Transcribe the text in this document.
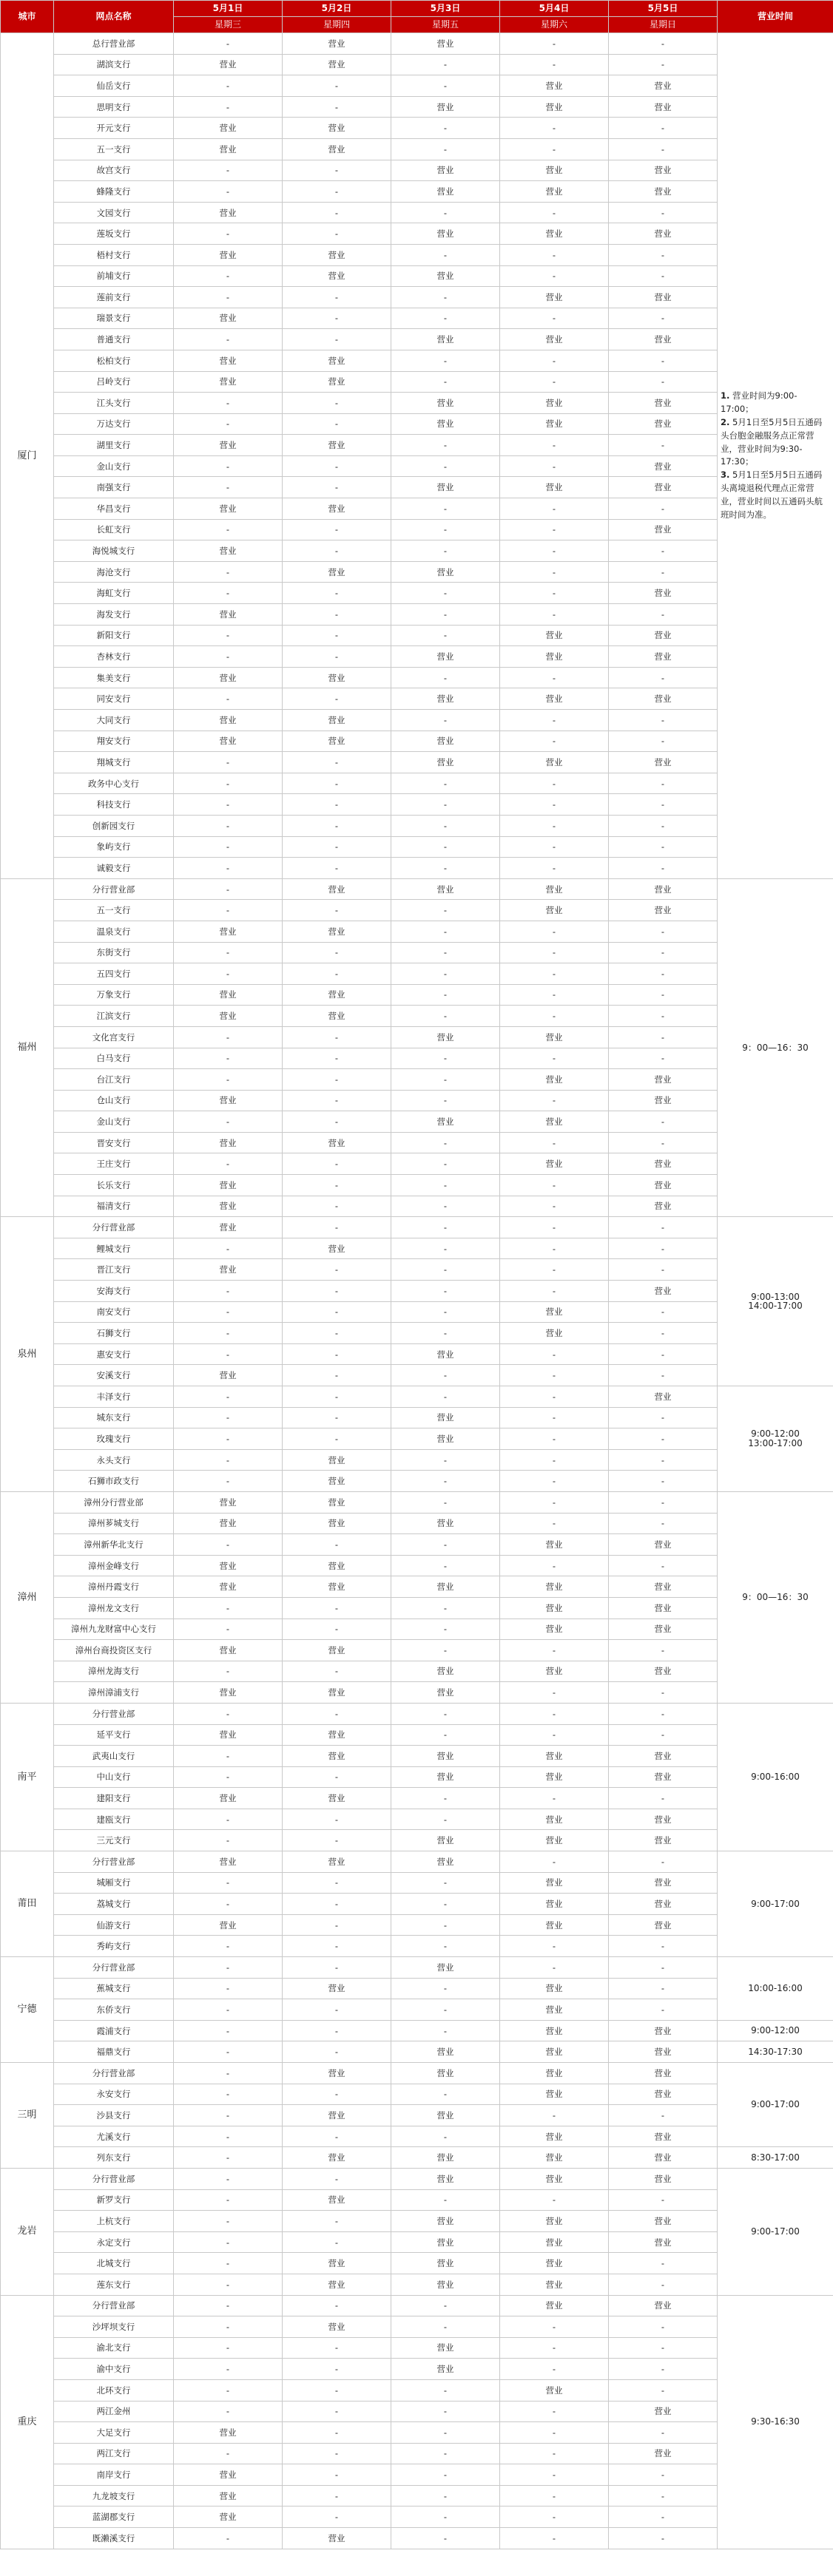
城市	网点名称	5月1日	5月2日	5月3日	5月4日	5月5日	营业时间
		星期三	星期四	星期五	星期六	星期日	
厦门	总行营业部	-	营业	营业	-	-	1. 营业时间为9:00-17:00；
2. 5月1日至5月5日五通码头台胞金融服务点正常营业，营业时间为9:30-17:30；
3. 5月1日至5月5日五通码头离境退税代理点正常营业，营业时间以五通码头航班时间为准。

	湖滨支行	营业	营业	-	-	-	
	仙岳支行	-	-	-	营业	营业	
	思明支行	-	-	营业	营业	营业	
	开元支行	营业	营业	-	-	-	
	五一支行	营业	营业	-	-	-	
	故宫支行	-	-	营业	营业	营业	
	蜂隆支行	-	-	营业	营业	营业	
	文园支行	营业	-	-	-	-	
	莲坂支行	-	-	营业	营业	营业	
	梧村支行	营业	营业	-	-	-	
	前埔支行	-	营业	营业	-	-	
	莲前支行	-	-	-	营业	营业	
	瑞景支行	营业	-	-	-	-	
	普通支行	-	-	营业	营业	营业	
	松柏支行	营业	营业	-	-	-	
	吕岭支行	营业	营业	-	-	-	
	江头支行	-	-	营业	营业	营业	
	万达支行	-	-	营业	营业	营业	
	湖里支行	营业	营业	-	-	-	
	金山支行	-	-	-	-	营业	
	南强支行	-	-	营业	营业	营业	
	华昌支行	营业	营业	-	-	-	
	长虹支行	-	-	-	-	营业	
	海悦城支行	营业	-	-	-	-	
	海沧支行	-	营业	营业	-	-	
	海虹支行	-	-	-	-	营业	
	海发支行	营业	-	-	-	-	
	新阳支行	-	-	-	营业	营业	
	杏林支行	-	-	营业	营业	营业	
	集美支行	营业	营业	-	-	-	
	同安支行	-	-	营业	营业	营业	
	大同支行	营业	营业	-	-	-	
	翔安支行	营业	营业	营业	-	-	
	翔城支行	-	-	营业	营业	营业	
	政务中心支行	-	-	-	-	-	
	科技支行	-	-	-	-	-	
	创新园支行	-	-	-	-	-	
	象屿支行	-	-	-	-	-	
	诚毅支行	-	-	-	-	-	
福州	分行营业部	-	营业	营业	营业	营业	9：00—16：30
	五一支行	-	-	-	营业	营业	
	温泉支行	营业	营业	-	-	-	
	东街支行	-	-	-	-	-	
	五四支行	-	-	-	-	-	
	万象支行	营业	营业	-	-	-	
	江滨支行	营业	营业	-	-	-	
	文化宫支行	-	-	营业	营业	-	
	白马支行	-	-	-	-	-	
	台江支行	-	-	-	营业	营业	
	仓山支行	营业	-	-	-	营业	
	金山支行	-	-	营业	营业	-	
	晋安支行	营业	营业	-	-	-	
	王庄支行	-	-	-	营业	营业	
	长乐支行	营业	-	-	-	营业	
	福清支行	营业	-	-	-	营业	
泉州	分行营业部	营业	-	-	-	-	9:00-13:00
14:00-17:00

	鲤城支行	-	营业	-	-	-	
	晋江支行	营业	-	-	-	-	
	安海支行	-	-	-	-	营业	
	南安支行	-	-	-	营业	-	
	石狮支行	-	-	-	营业	-	
	惠安支行	-	-	营业	-	-	
	安溪支行	营业	-	-	-	-	
	丰泽支行	-	-	-	-	营业	9:00-12:00
13:00-17:00

	城东支行	-	-	营业	-	-	
	玫瑰支行	-	-	营业	-	-	
	永头支行	-	营业	-	-	-	
	石狮市政支行	-	营业	-	-	-	
漳州	漳州分行营业部	营业	营业	-	-	-	9：00—16：30
	漳州芗城支行	营业	营业	营业	-	-	
	漳州新华北支行	-	-	-	营业	营业	
	漳州金峰支行	营业	营业	-	-	-	
	漳州丹霞支行	营业	营业	营业	营业	营业	
	漳州龙文支行	-	-	-	营业	营业	
	漳州九龙财富中心支行	-	-	-	营业	营业	
	漳州台商投资区支行	营业	营业	-	-	-	
	漳州龙海支行	-	-	营业	营业	营业	
	漳州漳浦支行	营业	营业	营业	-	-	
南平	分行营业部	-	-	-	-	-	9:00-16:00
	延平支行	营业	营业	-	-	-	
	武夷山支行	-	营业	营业	营业	营业	
	中山支行	-	-	营业	营业	营业	
	建阳支行	营业	营业	-	-	-	
	建瓯支行	-	-	-	营业	营业	
	三元支行	-	-	营业	营业	营业	
莆田	分行营业部	营业	营业	营业	-	-	9:00-17:00
	城厢支行	-	-	-	营业	营业	
	荔城支行	-	-	-	营业	营业	
	仙游支行	营业	-	-	营业	营业	
	秀屿支行	-	-	-	-	-	
宁德	分行营业部	-	-	营业	-	-	10:00-16:00
	蕉城支行	-	营业	-	营业	-	
	东侨支行	-	-	-	营业	-	
	霞浦支行	-	-	-	营业	营业	9:00-12:00
	福鼎支行	-	-	营业	营业	营业	14:30-17:30
三明	分行营业部	-	营业	营业	营业	营业	9:00-17:00
	永安支行	-	-	-	营业	营业	
	沙县支行	-	营业	营业	-	-	
	尤溪支行	-	-	-	营业	营业	
	列东支行	-	营业	营业	营业	营业	8:30-17:00
龙岩	分行营业部	-	-	营业	营业	营业	9:00-17:00
	新罗支行	-	营业	-	-	-	
	上杭支行	-	-	营业	营业	营业	
	永定支行	-	-	营业	营业	营业	
	北城支行	-	营业	营业	营业	-	
	莲东支行	-	营业	营业	营业	-	
重庆	分行营业部	-	-	-	营业	营业	9:30-16:30
	沙坪坝支行	-	营业	-	-	-	
	渝北支行	-	-	营业	-	-	
	渝中支行	-	-	营业	-	-	
	北环支行	-	-	-	营业	-	
	两江金州	-	-	-	-	营业	
	大足支行	营业	-	-	-	-	
	两江支行	-	-	-	-	营业	
	南岸支行	营业	-	-	-	-	
	九龙坡支行	营业	-	-	-	-	
	蓝湖郡支行	营业	-	-	-	-	
	既濑溪支行	-	营业	-	-	-	
